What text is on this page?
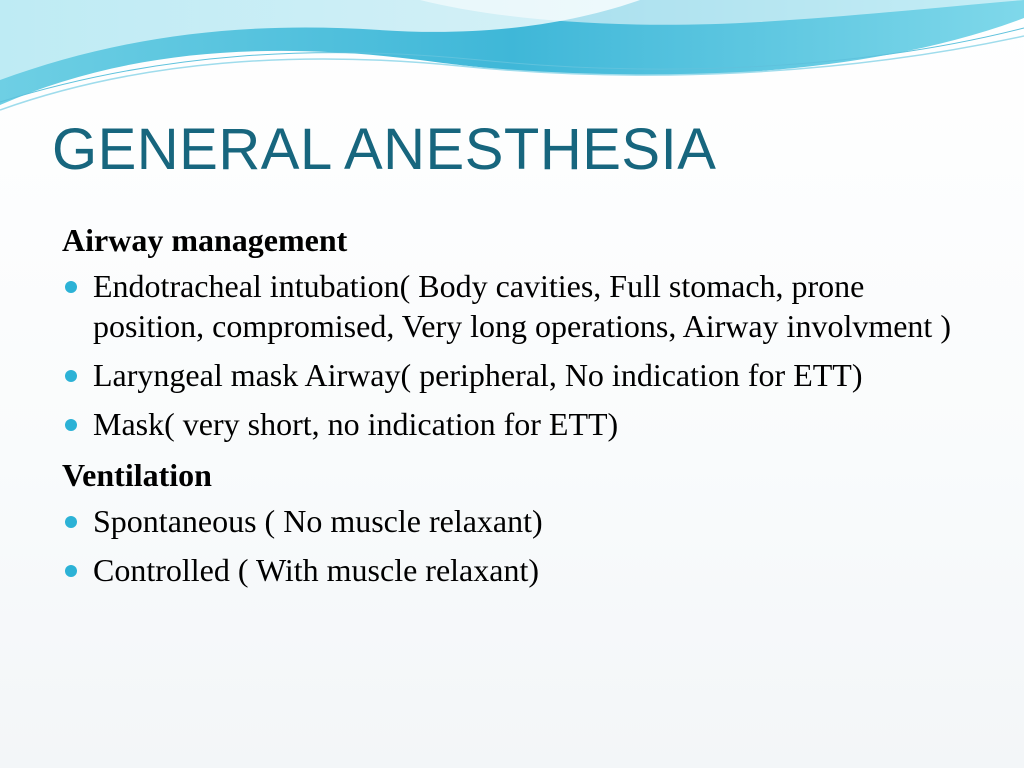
GENERAL ANESTHESIA
Airway management
Endotracheal intubation( Body cavities, Full stomach, prone position, compromised, Very long operations, Airway involvment )
Laryngeal mask Airway( peripheral, No indication for ETT)
Mask( very short, no indication for ETT)
Ventilation
Spontaneous ( No muscle relaxant)
Controlled ( With muscle relaxant)
